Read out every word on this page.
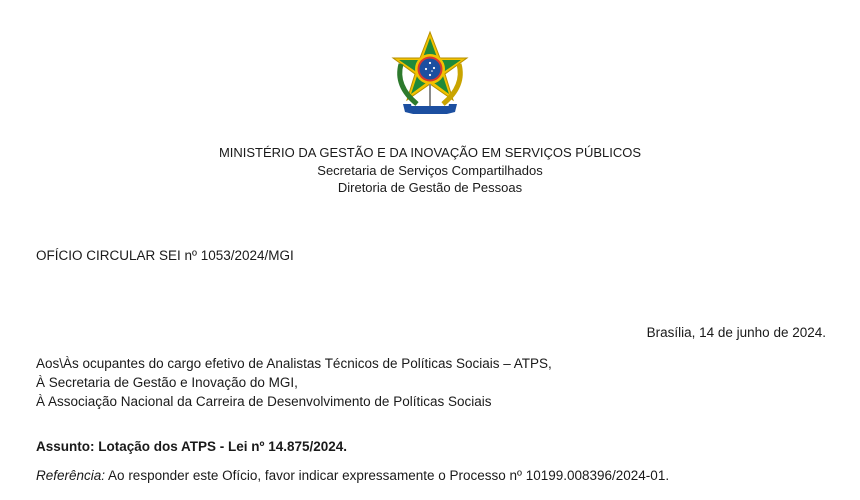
MINISTÉRIO DA GESTÃO E DA INOVAÇÃO EM SERVIÇOS PÚBLICOS
Secretaria de Serviços Compartilhados
Diretoria de Gestão de Pessoas
OFÍCIO CIRCULAR SEI nº 1053/2024/MGI
Brasília, 14 de junho de 2024.
Aos\Às ocupantes do cargo efetivo de Analistas Técnicos de Políticas Sociais – ATPS,
À Secretaria de Gestão e Inovação do MGI,
À Associação Nacional da Carreira de Desenvolvimento de Políticas Sociais
Assunto: Lotação dos ATPS - Lei nº 14.875/2024.
Referência: Ao responder este Ofício, favor indicar expressamente o Processo nº 10199.008396/2024-01.
